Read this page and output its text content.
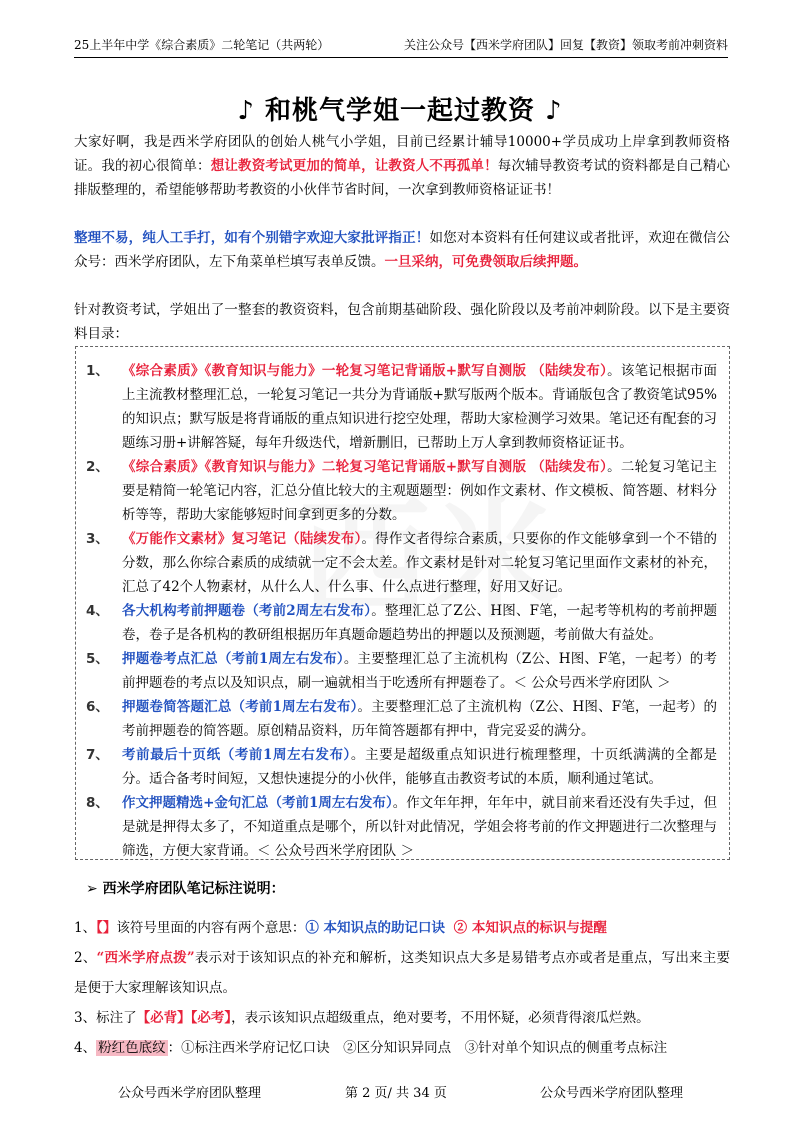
25上半年中学《综合素质》二轮笔记（共两轮）	关注公众号【西米学府团队】回复【教资】领取考前冲刺资料
♪ 和桃气学姐一起过教资 ♪
大家好啊，我是西米学府团队的创始人桃气小学姐，目前已经累计辅导10000+学员成功上岸拿到教师资格证。我的初心很简单：想让教资考试更加的简单，让教资人不再孤单！每次辅导教资考试的资料都是自己精心排版整理的，希望能够帮助考教资的小伙伴节省时间，一次拿到教师资格证证书！
整理不易，纯人工手打，如有个别错字欢迎大家批评指正！如您对本资料有任何建议或者批评，欢迎在微信公众号：西米学府团队，左下角菜单栏填写表单反馈。一旦采纳，可免费领取后续押题。
针对教资考试，学姐出了一整套的教资资料，包含前期基础阶段、强化阶段以及考前冲刺阶段。以下是主要资料目录：
1、 《综合素质》《教育知识与能力》一轮复习笔记背诵版+默写自测版 （陆续发布）。该笔记根据市面上主流教材整理汇总，一轮复习笔记一共分为背诵版+默写版两个版本。背诵版包含了教资笔试95%的知识点；默写版是将背诵版的重点知识进行挖空处理，帮助大家检测学习效果。笔记还有配套的习题练习册+讲解答疑，每年升级迭代，增新删旧，已帮助上万人拿到教师资格证证书。
2、 《综合素质》《教育知识与能力》二轮复习笔记背诵版+默写自测版 （陆续发布）。二轮复习笔记主要是精简一轮笔记内容，汇总分值比较大的主观题题型：例如作文素材、作文模板、简答题、材料分析等等，帮助大家能够短时间拿到更多的分数。
3、 《万能作文素材》复习笔记（陆续发布）。得作文者得综合素质，只要你的作文能够拿到一个不错的分数，那么你综合素质的成绩就一定不会太差。作文素材是针对二轮复习笔记里面作文素材的补充，汇总了42个人物素材，从什么人、什么事、什么点进行整理，好用又好记。
4、 各大机构考前押题卷（考前2周左右发布）。整理汇总了Z公、H图、F笔，一起考等机构的考前押题卷，卷子是各机构的教研组根据历年真题命题趋势出的押题以及预测题，考前做大有益处。
5、 押题卷考点汇总（考前1周左右发布）。主要整理汇总了主流机构（Z公、H图、F笔，一起考）的考前押题卷的考点以及知识点，刷一遍就相当于吃透所有押题卷了。＜ 公众号西米学府团队 ＞
6、 押题卷简答题汇总（考前1周左右发布）。主要整理汇总了主流机构（Z公、H图、F笔，一起考）的考前押题卷的简答题。原创精品资料，历年简答题都有押中，背完妥妥的满分。
7、 考前最后十页纸（考前1周左右发布）。主要是超级重点知识进行梳理整理，十页纸满满的全都是分。适合备考时间短，又想快速提分的小伙伴，能够直击教资考试的本质，顺利通过笔试。
8、 作文押题精选+金句汇总（考前1周左右发布）。作文年年押，年年中，就目前来看还没有失手过，但是就是押得太多了，不知道重点是哪个，所以针对此情况，学姐会将考前的作文押题进行二次整理与筛选，方便大家背诵。＜ 公众号西米学府团队 ＞
➢ 西米学府团队笔记标注说明：
1、【】该符号里面的内容有两个意思：① 本知识点的助记口诀 ② 本知识点的标识与提醒
2、“西米学府点拨”表示对于该知识点的补充和解析，这类知识点大多是易错考点亦或者是重点，写出来主要是便于大家理解该知识点。
3、标注了【必背】【必考】，表示该知识点超级重点，绝对要考，不用怀疑，必须背得滚瓜烂熟。
4、 粉红色底纹 ：①标注西米学府记忆口诀　②区分知识异同点　③针对单个知识点的侧重考点标注
公众号西米学府团队整理	第 2 页/ 共 34 页	公众号西米学府团队整理
